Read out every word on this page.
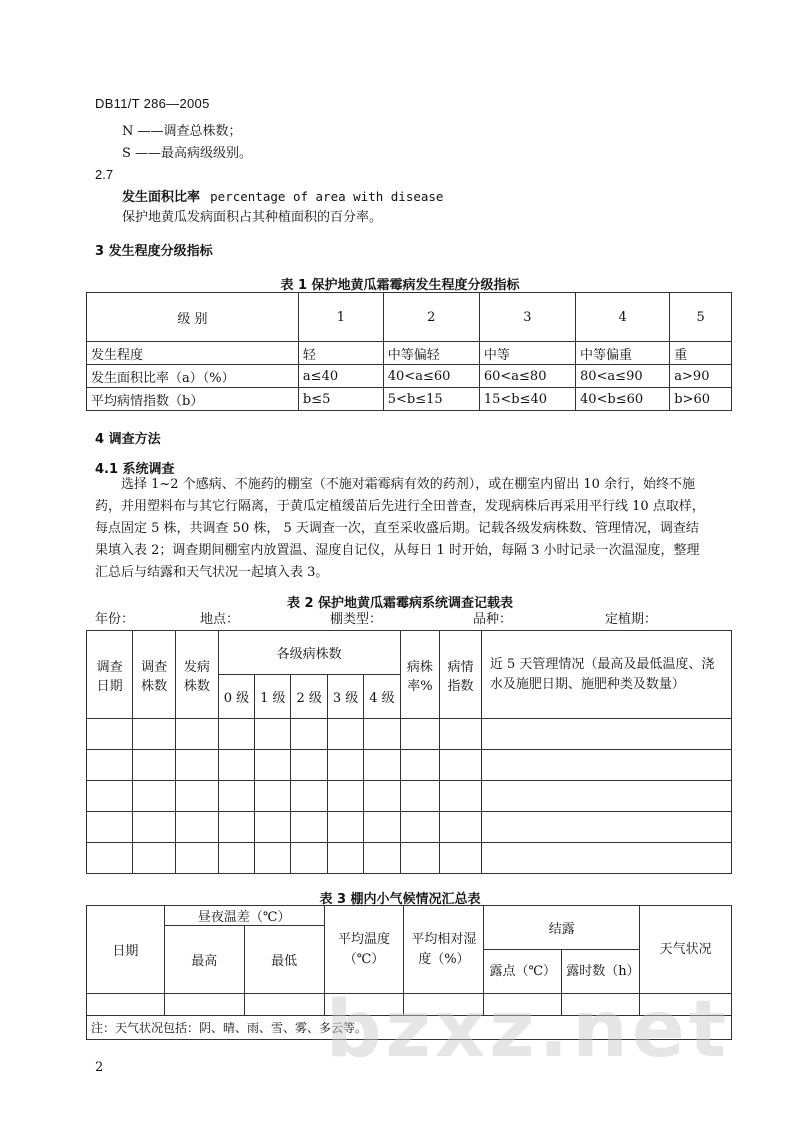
DB11/T 286—2005
N ——调查总株数；
S ——最高病级级别。
2.7
发生面积比率 percentage of area with disease
保护地黄瓜发病面积占其种植面积的百分率。
3 发生程度分级指标
表 1 保护地黄瓜霜霉病发生程度分级指标
级 别	1	2	3	4	5
发生程度	轻	中等偏轻	中等	中等偏重	重
发生面积比率（a）（%）	a≤40	40<a≤60	60<a≤80	80<a≤90	a>90
平均病情指数（b）	b≤5	5<b≤15	15<b≤40	40<b≤60	b>60
4 调查方法
4.1 系统调查
选择 1~2 个感病、不施药的棚室（不施对霜霉病有效的药剂），或在棚室内留出 10 余行，始终不施药，并用塑料布与其它行隔离，于黄瓜定植缓苗后先进行全田普查，发现病株后再采用平行线 10 点取样，每点固定 5 株，共调查 50 株， 5 天调查一次，直至采收盛后期。记载各级发病株数、管理情况，调查结果填入表 2；调查期间棚室内放置温、湿度自记仪，从每日 1 时开始，每隔 3 小时记录一次温湿度，整理汇总后与结露和天气状况一起填入表 3。
表 2 保护地黄瓜霜霉病系统调查记载表
年份：	地点：	棚类型：	品种：	定植期：
调查日期	调查株数	发病株数	各级病株数					病株率%	病情指数	近 5 天管理情况（最高及最低温度、浇水及施肥日期、施肥种类及数量）
			0 级	1 级	2 级	3 级	4 级			

表 3 棚内小气候情况汇总表
日期	昼夜温差（℃）		平均温度（℃）	平均相对湿度（%）	结露		天气状况
	最高	最低					
					露点（℃）	露时数（h）	

注：天气状况包括：阴、晴、雨、雪、雾、多云等。							
bzxz.net
2
